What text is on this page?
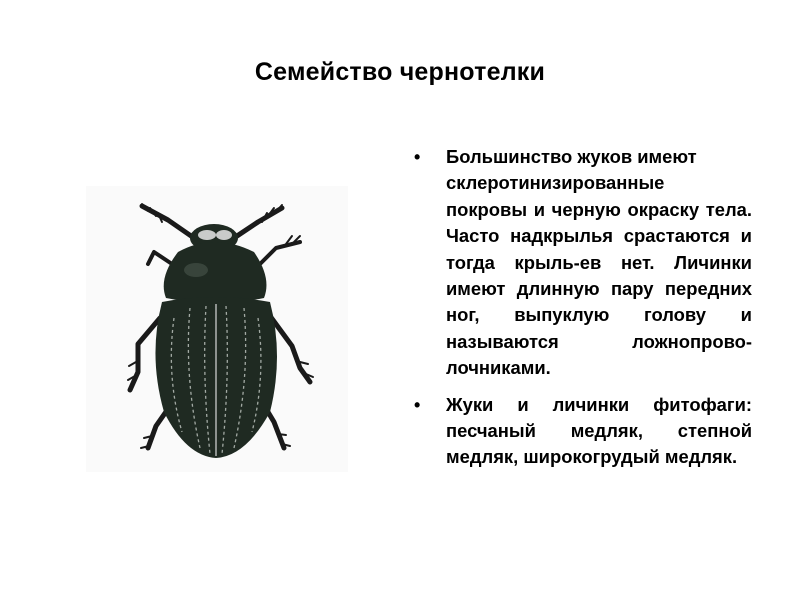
Семейство чернотелки
• Большинство жуков имеют
склеротинизированные
покровы и черную окраску тела. Часто надкрылья срастаются и тогда крыль-ев нет. Личинки имеют длинную пару передних ног, выпуклую голову и называются ложнопрово-лочниками.

• Жуки и личинки фитофаги: песчаный медляк, степной медляк, широкогрудый медляк.
